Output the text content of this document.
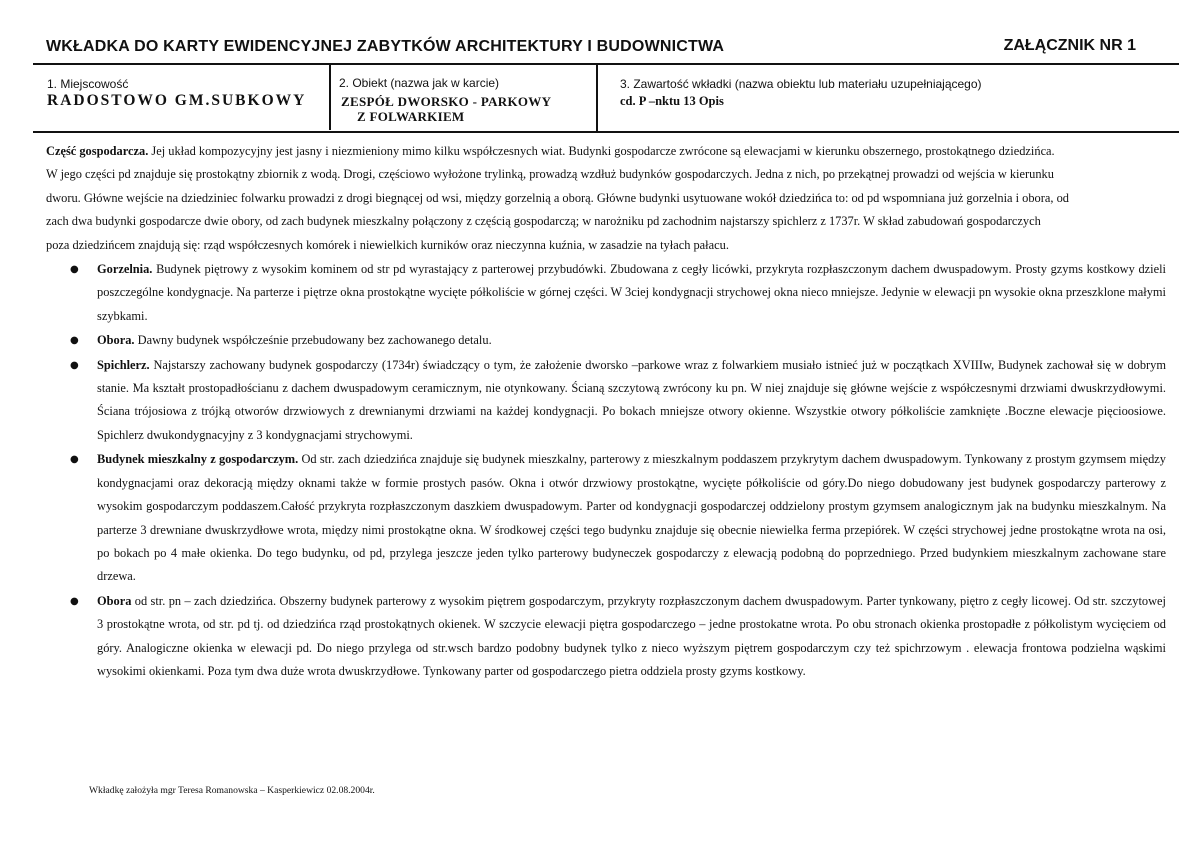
WKŁADKA DO KARTY EWIDENCYJNEJ ZABYTKÓW ARCHITEKTURY I BUDOWNICTWA	ZAŁĄCZNIK NR 1
1. Miejscowość
RADOSTOWO GM.SUBKOWY
2. Obiekt (nazwa jak w karcie)
ZESPÓŁ DWORSKO - PARKOWY
Z FOLWARKIEM
3. Zawartość wkładki (nazwa obiektu lub materiału uzupełniającego)
cd. P –nktu 13 Opis

Część gospodarcza. Jej układ kompozycyjny jest jasny i niezmieniony mimo kilku współczesnych wiat. Budynki gospodarcze zwrócone są elewacjami w kierunku obszernego, prostokątnego dziedzińca.
W jego części pd znajduje się prostokątny zbiornik z wodą. Drogi, częściowo wyłożone trylinką, prowadzą wzdłuż budynków gospodarczych. Jedna z nich, po przekątnej prowadzi od wejścia w kierunku
dworu. Główne wejście na dziedziniec folwarku prowadzi z drogi biegnącej od wsi, między gorzelnią a oborą. Główne budynki usytuowane wokół dziedzińca to: od pd wspomniana już gorzelnia i obora, od
zach dwa budynki gospodarcze dwie obory, od zach budynek mieszkalny połączony z częścią gospodarczą; w narożniku pd zachodnim najstarszy spichlerz z 1737r. W skład zabudowań gospodarczych
poza dziedzińcem znajdują się: rząd współczesnych komórek i niewielkich kurników oraz nieczynna kuźnia, w zasadzie na tyłach pałacu.

● Gorzelnia. Budynek piętrowy z wysokim kominem od str pd wyrastający z parterowej przybudówki. Zbudowana z cegły licówki, przykryta rozpłaszczonym dachem dwuspadowym. Prosty gzyms kostkowy dzieli poszczególne kondygnacje. Na parterze i piętrze okna prostokątne wycięte półkoliście w górnej części. W 3ciej kondygnacji strychowej okna nieco mniejsze. Jedynie w elewacji pn wysokie okna przeszklone małymi szybkami.
● Obora. Dawny budynek współcześnie przebudowany bez zachowanego detalu.
● Spichlerz. Najstarszy zachowany budynek gospodarczy (1734r) świadczący o tym, że założenie dworsko –parkowe wraz z folwarkiem musiało istnieć już w początkach XVIIIw, Budynek zachował się w dobrym stanie. Ma kształt prostopadłościanu z dachem dwuspadowym ceramicznym, nie otynkowany. Ścianą szczytową zwrócony ku pn. W niej znajduje się główne wejście z współczesnymi drzwiami dwuskrzydłowymi. Ściana trójosiowa z trójką otworów drzwiowych z drewnianymi drzwiami na każdej kondygnacji. Po bokach mniejsze otwory okienne. Wszystkie otwory półkoliście zamknięte .Boczne elewacje pięcioosiowe. Spichlerz dwukondygnacyjny z 3 kondygnacjami strychowymi.
● Budynek mieszkalny z gospodarczym. Od str. zach dziedzińca znajduje się budynek mieszkalny, parterowy z mieszkalnym poddaszem przykrytym dachem dwuspadowym. Tynkowany z prostym gzymsem między kondygnacjami oraz dekoracją między oknami także w formie prostych pasów. Okna i otwór drzwiowy prostokątne, wycięte półkoliście od góry.Do niego dobudowany jest budynek gospodarczy parterowy z wysokim gospodarczym poddaszem.Całość przykryta rozpłaszczonym daszkiem dwuspadowym. Parter od kondygnacji gospodarczej oddzielony prostym gzymsem analogicznym jak na budynku mieszkalnym. Na parterze 3 drewniane dwuskrzydłowe wrota, między nimi prostokątne okna. W środkowej części tego budynku znajduje się obecnie niewielka ferma przepiórek. W części strychowej jedne prostokątne wrota na osi, po bokach po 4 małe okienka. Do tego budynku, od pd, przylega jeszcze jeden tylko parterowy budyneczek gospodarczy z elewacją podobną do poprzedniego. Przed budynkiem mieszkalnym zachowane stare drzewa.
● Obora od str. pn – zach dziedzińca. Obszerny budynek parterowy z wysokim piętrem gospodarczym, przykryty rozpłaszczonym dachem dwuspadowym. Parter tynkowany, piętro z cegły licowej. Od str. szczytowej 3 prostokątne wrota, od str. pd tj. od dziedzińca rząd prostokątnych okienek. W szczycie elewacji piętra gospodarczego – jedne prostokatne wrota. Po obu stronach okienka prostopadłe z półkolistym wycięciem od góry. Analogiczne okienka w elewacji pd. Do niego przylega od str.wsch bardzo podobny budynek tylko z nieco wyższym piętrem gospodarczym czy też spichrzowym . elewacja frontowa podzielna wąskimi wysokimi okienkami. Poza tym dwa duże wrota dwuskrzydłowe. Tynkowany parter od gospodarczego pietra oddziela prosty gzyms kostkowy.
Wkładkę założyła mgr Teresa Romanowska – Kasperkiewicz 02.08.2004r.
